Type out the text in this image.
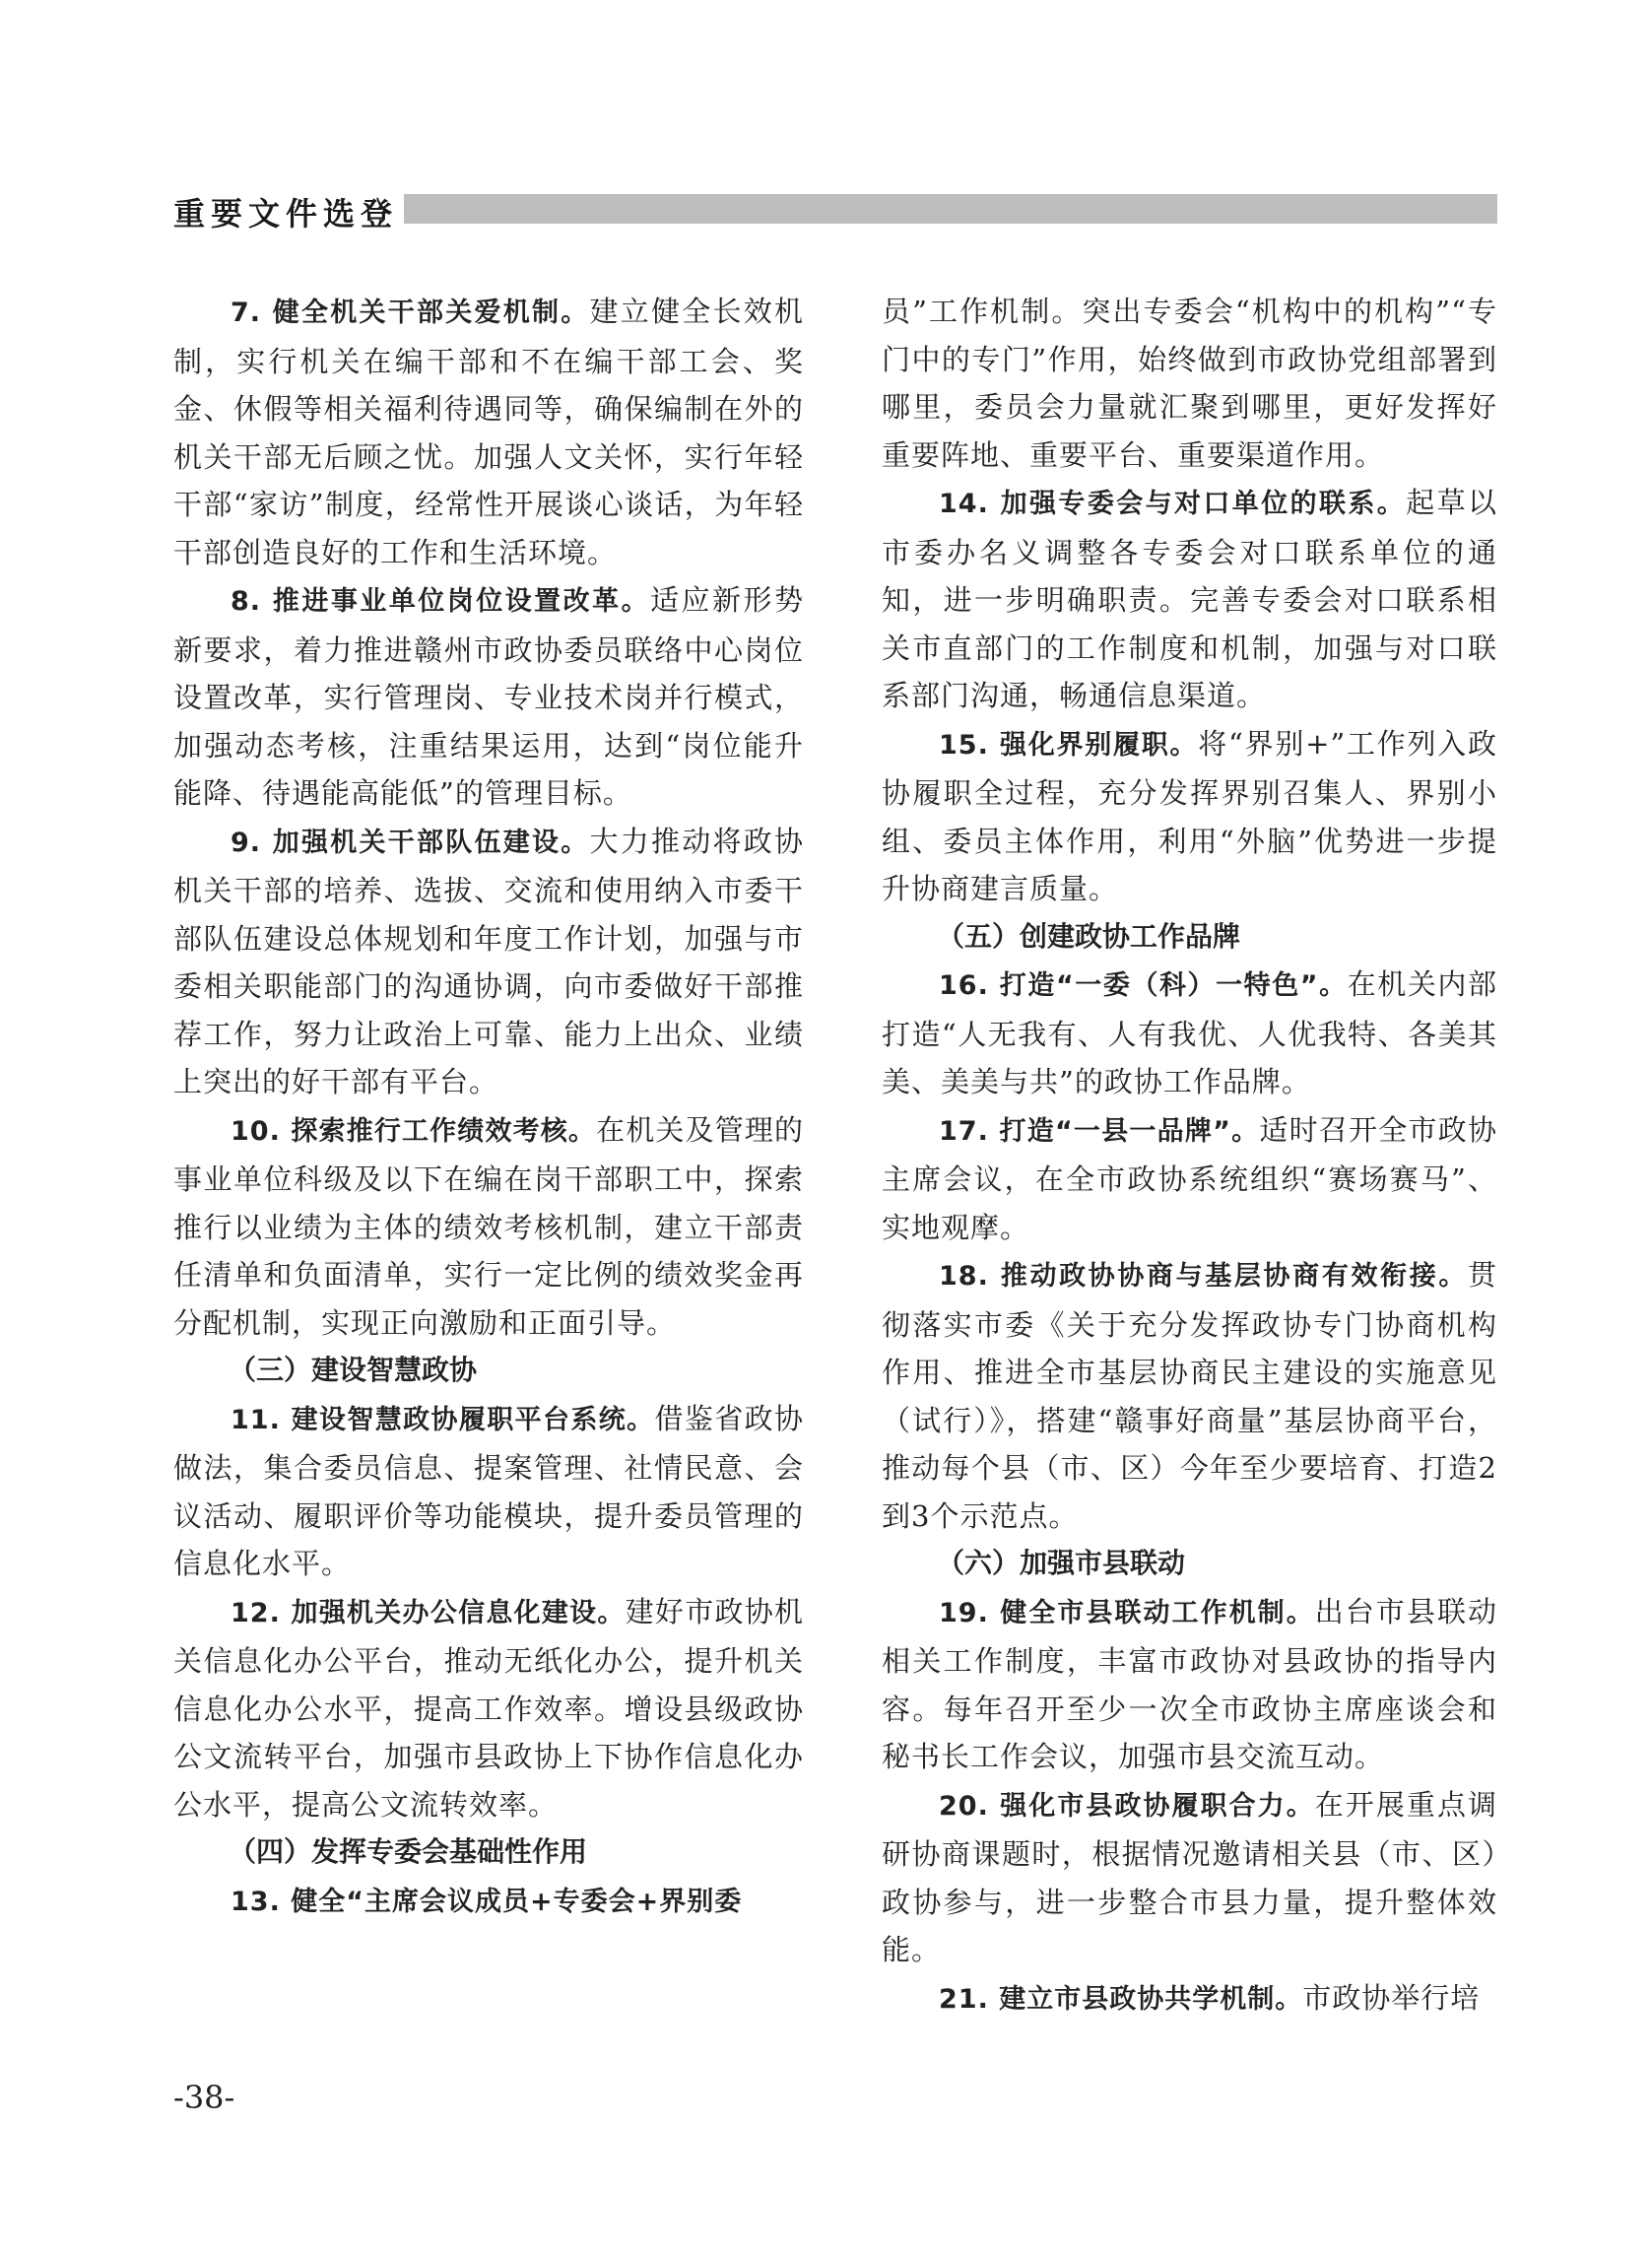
重要文件选登

7. 健全机关干部关爱机制。建立健全长效机制，实行机关在编干部和不在编干部工会、奖金、休假等相关福利待遇同等，确保编制在外的机关干部无后顾之忧。加强人文关怀，实行年轻干部“家访”制度，经常性开展谈心谈话，为年轻干部创造良好的工作和生活环境。

8. 推进事业单位岗位设置改革。适应新形势新要求，着力推进赣州市政协委员联络中心岗位设置改革，实行管理岗、专业技术岗并行模式，加强动态考核，注重结果运用，达到“岗位能升能降、待遇能高能低”的管理目标。

9. 加强机关干部队伍建设。大力推动将政协机关干部的培养、选拔、交流和使用纳入市委干部队伍建设总体规划和年度工作计划，加强与市委相关职能部门的沟通协调，向市委做好干部推荐工作，努力让政治上可靠、能力上出众、业绩上突出的好干部有平台。

10. 探索推行工作绩效考核。在机关及管理的事业单位科级及以下在编在岗干部职工中，探索推行以业绩为主体的绩效考核机制，建立干部责任清单和负面清单，实行一定比例的绩效奖金再分配机制，实现正向激励和正面引导。

（三）建设智慧政协

11. 建设智慧政协履职平台系统。借鉴省政协做法，集合委员信息、提案管理、社情民意、会议活动、履职评价等功能模块，提升委员管理的信息化水平。

12. 加强机关办公信息化建设。建好市政协机关信息化办公平台，推动无纸化办公，提升机关信息化办公水平，提高工作效率。增设县级政协公文流转平台，加强市县政协上下协作信息化办公水平，提高公文流转效率。

（四）发挥专委会基础性作用

13. 健全“主席会议成员+专委会+界别委

员”工作机制。突出专委会“机构中的机构”“专门中的专门”作用，始终做到市政协党组部署到哪里，委员会力量就汇聚到哪里，更好发挥好重要阵地、重要平台、重要渠道作用。

14. 加强专委会与对口单位的联系。起草以市委办名义调整各专委会对口联系单位的通知，进一步明确职责。完善专委会对口联系相关市直部门的工作制度和机制，加强与对口联系部门沟通，畅通信息渠道。

15. 强化界别履职。将“界别+”工作列入政协履职全过程，充分发挥界别召集人、界别小组、委员主体作用，利用“外脑”优势进一步提升协商建言质量。

（五）创建政协工作品牌

16. 打造“一委（科）一特色”。在机关内部打造“人无我有、人有我优、人优我特、各美其美、美美与共”的政协工作品牌。

17. 打造“一县一品牌”。适时召开全市政协主席会议，在全市政协系统组织“赛场赛马”、实地观摩。

18. 推动政协协商与基层协商有效衔接。贯彻落实市委《关于充分发挥政协专门协商机构作用、推进全市基层协商民主建设的实施意见（试行）》，搭建“赣事好商量”基层协商平台，推动每个县（市、区）今年至少要培育、打造2到3个示范点。

（六）加强市县联动

19. 健全市县联动工作机制。出台市县联动相关工作制度，丰富市政协对县政协的指导内容。每年召开至少一次全市政协主席座谈会和秘书长工作会议，加强市县交流互动。

20. 强化市县政协履职合力。在开展重点调研协商课题时，根据情况邀请相关县（市、区）政协参与，进一步整合市县力量，提升整体效能。

21. 建立市县政协共学机制。市政协举行培

-38-
